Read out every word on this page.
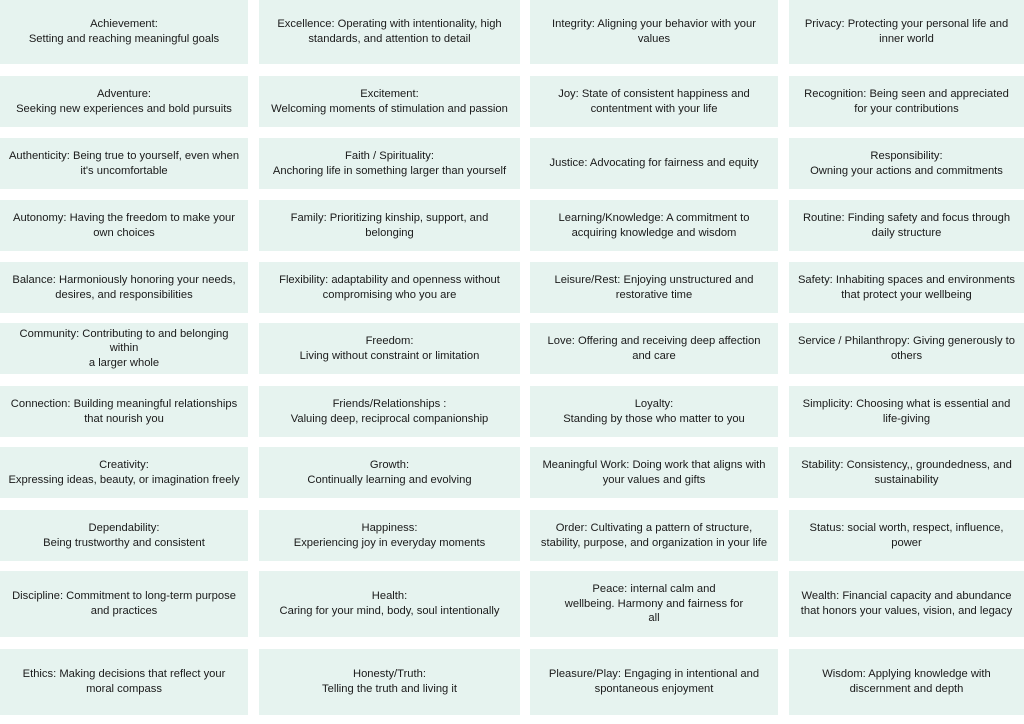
Achievement:
Setting and reaching meaningful goals
Adventure:
Seeking new experiences and bold pursuits
Authenticity: Being true to yourself, even when
it's uncomfortable
Autonomy: Having the freedom to make your
own choices
Balance: Harmoniously honoring your needs,
desires, and responsibilities
Community: Contributing to and belonging within
a larger whole
Connection: Building meaningful relationships
that nourish you
Creativity:
Expressing ideas, beauty, or imagination freely
Dependability:
Being trustworthy and consistent
Discipline: Commitment to long-term purpose
and practices
Ethics: Making decisions that reflect your
moral compass
Excellence: Operating with intentionality, high
standards, and attention to detail
Excitement:
Welcoming moments of stimulation and passion
Faith / Spirituality:
Anchoring life in something larger than yourself
Family: Prioritizing kinship, support, and
belonging
Flexibility: adaptability and openness without
compromising who you are
Freedom:
Living without constraint or limitation
Friends/Relationships :
Valuing deep, reciprocal companionship
Growth:
Continually learning and evolving
Happiness:
Experiencing joy in everyday moments
Health:
Caring for your mind, body, soul intentionally
Honesty/Truth:
Telling the truth and living it
Integrity: Aligning your behavior with your
values
Joy: State of consistent happiness and
contentment with your life
Justice: Advocating for fairness and equity
Learning/Knowledge: A commitment to
acquiring knowledge and wisdom
Leisure/Rest: Enjoying unstructured and
restorative time
Love: Offering and receiving deep affection
and care
Loyalty:
Standing by those who matter to you
Meaningful Work: Doing work that aligns with
your values and gifts
Order: Cultivating a pattern of structure,
stability, purpose, and organization in your life
Peace: internal calm and
wellbeing. Harmony and fairness for
all
Pleasure/Play: Engaging in intentional and
spontaneous enjoyment
Privacy: Protecting your personal life and
inner world
Recognition: Being seen and appreciated
for your contributions
Responsibility:
Owning your actions and commitments
Routine: Finding safety and focus through
daily structure
Safety: Inhabiting spaces and environments
that protect your wellbeing
Service / Philanthropy: Giving generously to
others
Simplicity: Choosing what is essential and
life-giving
Stability: Consistency,, groundedness, and
sustainability
Status: social worth, respect, influence,
power
Wealth: Financial capacity and abundance
that honors your values, vision, and legacy
Wisdom: Applying knowledge with
discernment and depth
